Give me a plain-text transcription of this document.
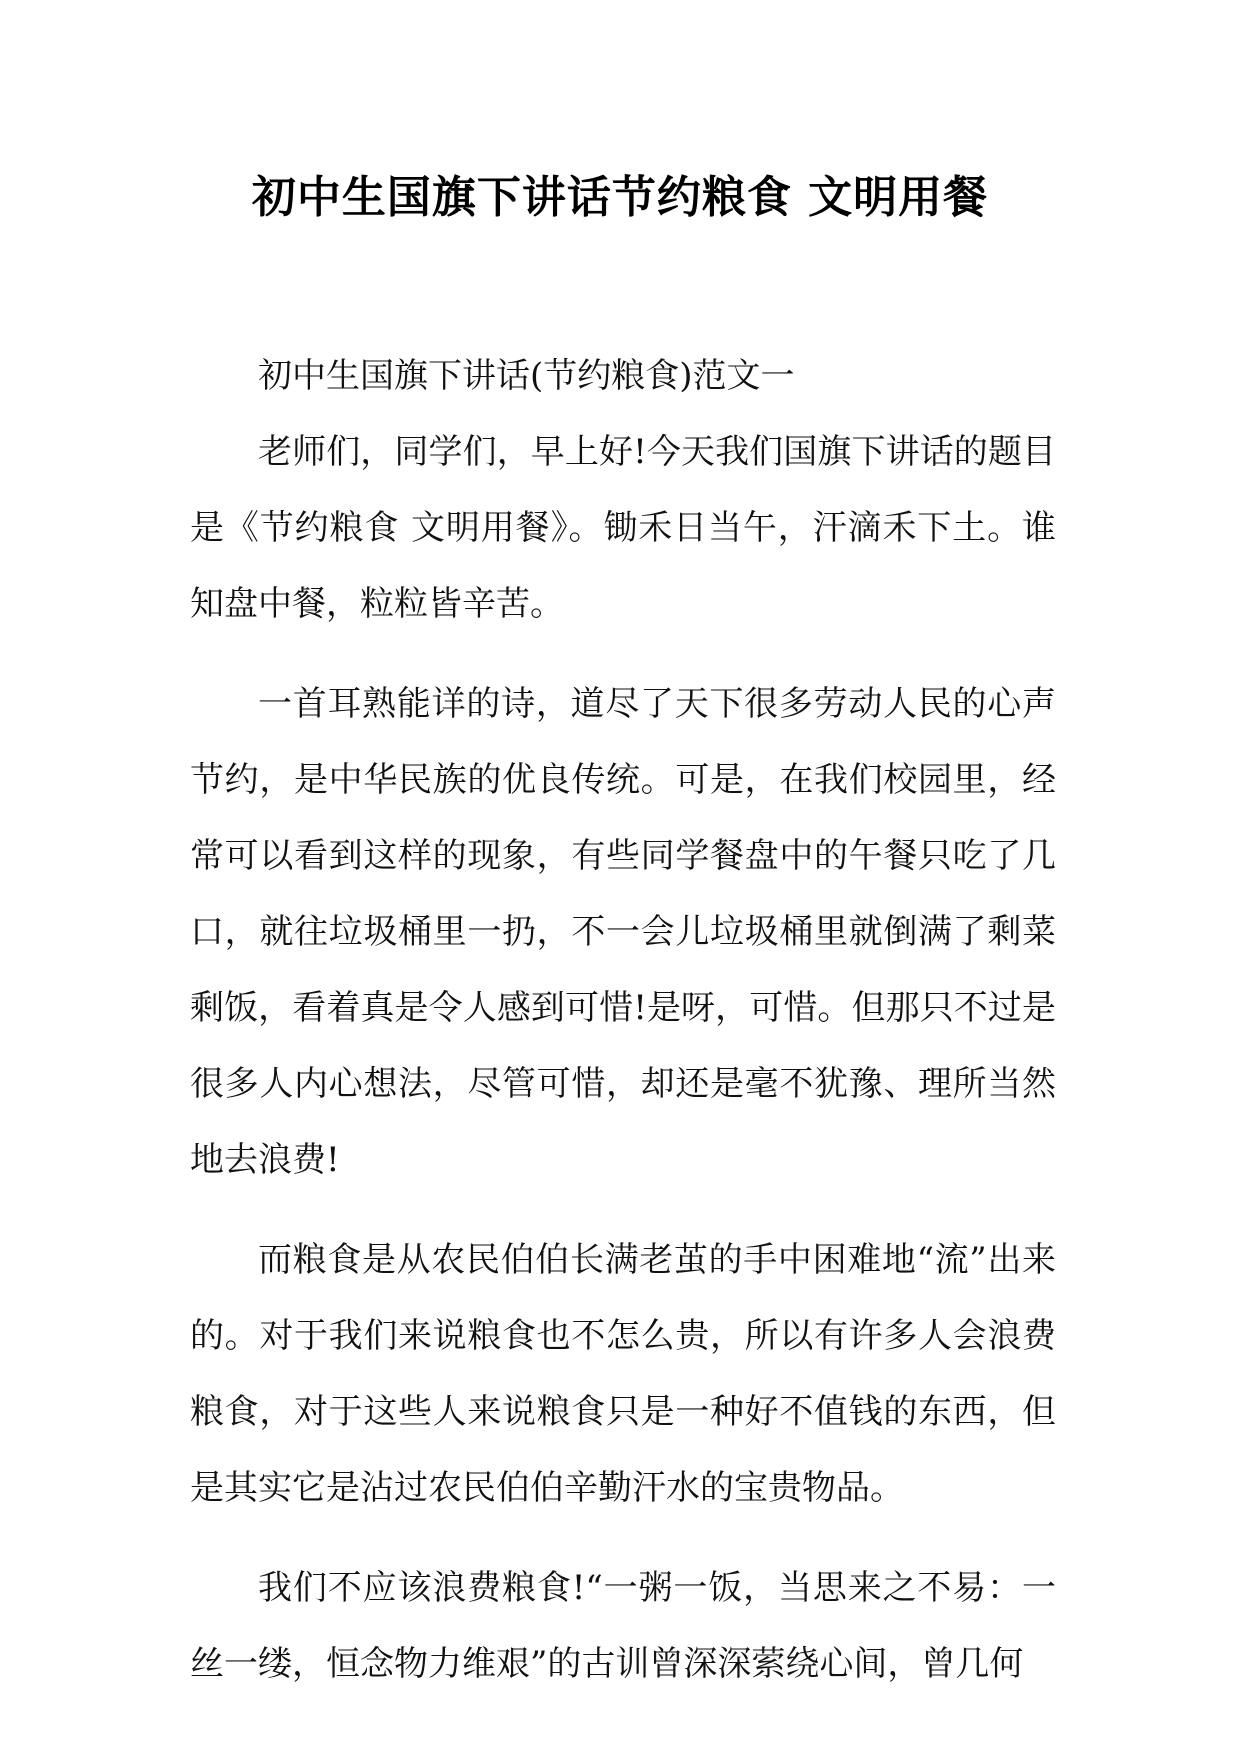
初中生国旗下讲话节约粮食 文明用餐

初中生国旗下讲话(节约粮食)范文一

老师们，同学们，早上好!今天我们国旗下讲话的题目是《节约粮食 文明用餐》。锄禾日当午，汗滴禾下土。谁知盘中餐，粒粒皆辛苦。

一首耳熟能详的诗，道尽了天下很多劳动人民的心声节约，是中华民族的优良传统。可是，在我们校园里，经常可以看到这样的现象，有些同学餐盘中的午餐只吃了几口，就往垃圾桶里一扔，不一会儿垃圾桶里就倒满了剩菜剩饭，看着真是令人感到可惜!是呀，可惜。但那只不过是很多人内心想法，尽管可惜，却还是毫不犹豫、理所当然地去浪费!

而粮食是从农民伯伯长满老茧的手中困难地“流”出来的。对于我们来说粮食也不怎么贵，所以有许多人会浪费粮食，对于这些人来说粮食只是一种好不值钱的东西，但是其实它是沾过农民伯伯辛勤汗水的宝贵物品。

我们不应该浪费粮食!“一粥一饭，当思来之不易：一丝一缕，恒念物力维艰”的古训曾深深萦绕心间，曾几何
